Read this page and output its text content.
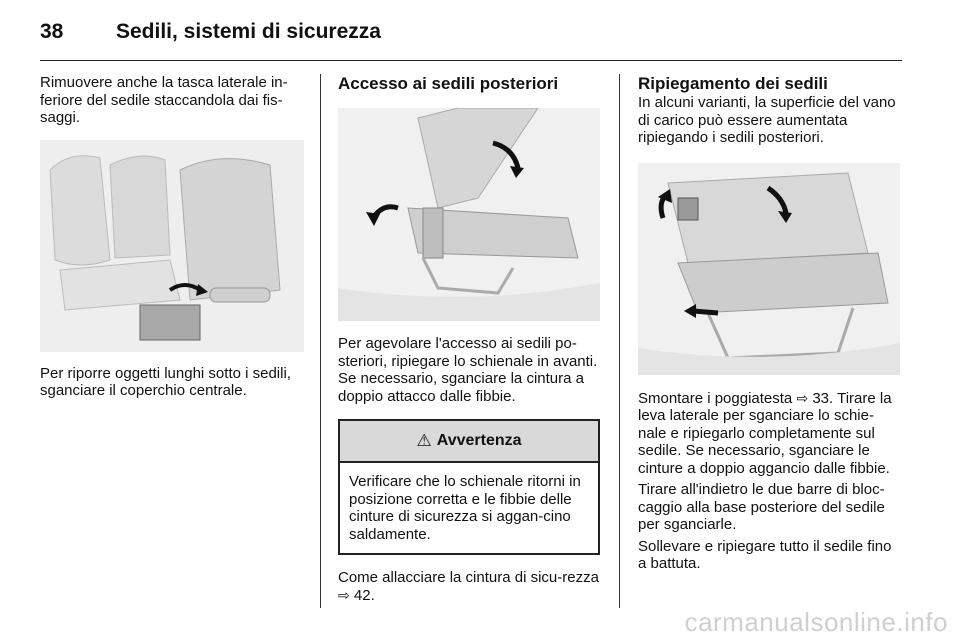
38	Sedili, sistemi di sicurezza

Rimuovere anche la tasca laterale in-feriore del sedile staccandola dai fis-saggi.

Per riporre oggetti lunghi sotto i sedili, sganciare il coperchio centrale.

Accesso ai sedili posteriori

Per agevolare l'accesso ai sedili po-steriori, ripiegare lo schienale in avanti. Se necessario, sganciare la cintura a doppio attacco dalle fibbie.

⚠ Avvertenza

Verificare che lo schienale ritorni in posizione corretta e le fibbie delle cinture di sicurezza si aggan-cino saldamente.

Come allacciare la cintura di sicu-rezza ⇨ 42.

Ripiegamento dei sedili

In alcuni varianti, la superficie del vano di carico può essere aumentata ripiegando i sedili posteriori.

Smontare i poggiatesta ⇨ 33. Tirare la leva laterale per sganciare lo schie-nale e ripiegarlo completamente sul sedile. Se necessario, sganciare le cinture a doppio aggancio dalle fibbie.

Tirare all'indietro le due barre di bloc-caggio alla base posteriore del sedile per sganciarle.

Sollevare e ripiegare tutto il sedile fino a battuta.

carmanualsonline.info
